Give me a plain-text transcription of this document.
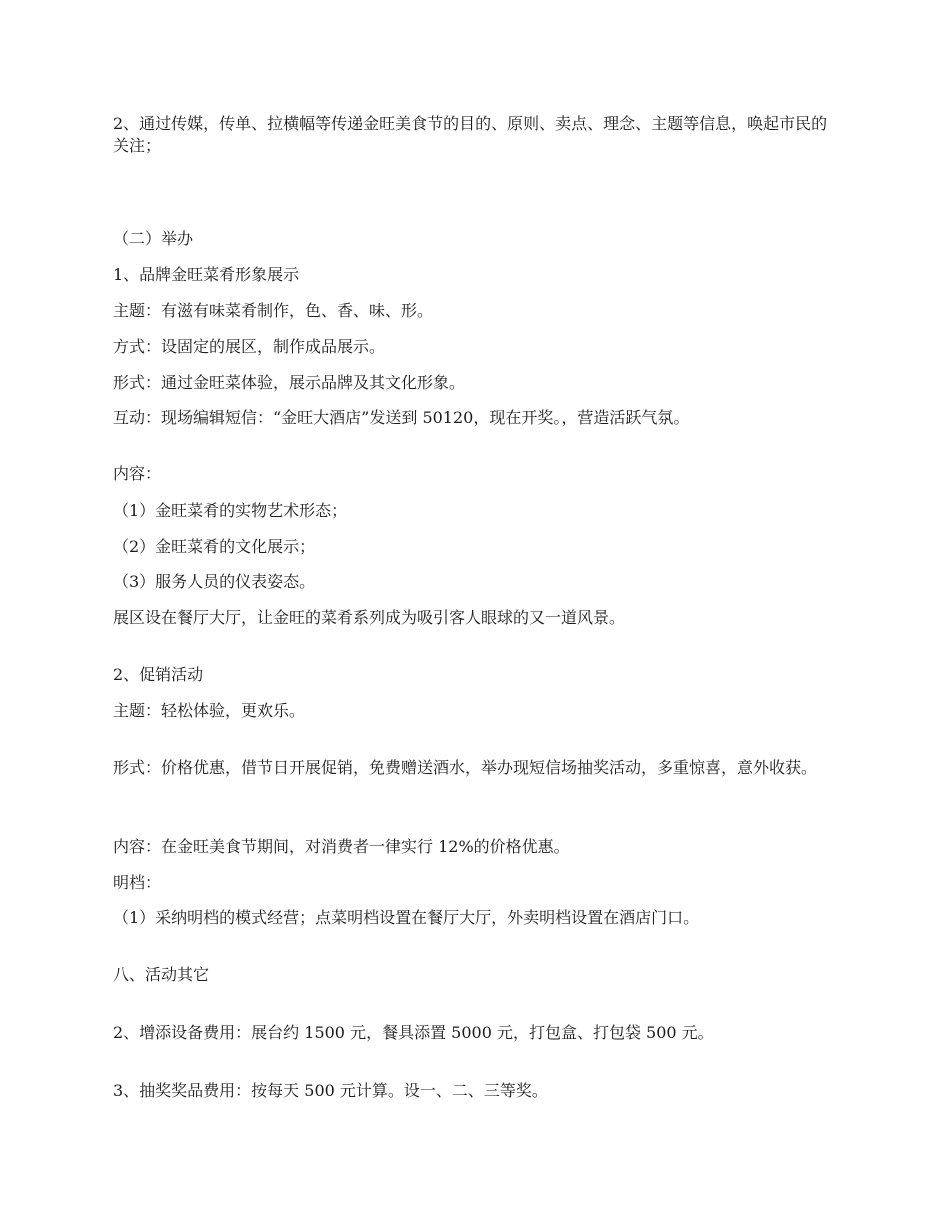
2、通过传媒，传单、拉横幅等传递金旺美食节的目的、原则、卖点、理念、主题等信息，唤起市民的关注；

（二）举办

1、品牌金旺菜肴形象展示

主题：有滋有味菜肴制作，色、香、味、形。

方式：设固定的展区，制作成品展示。

形式：通过金旺菜体验，展示品牌及其文化形象。

互动：现场编辑短信：“金旺大酒店”发送到 50120，现在开奖。，营造活跃气氛。

内容：

（1）金旺菜肴的实物艺术形态；

（2）金旺菜肴的文化展示；

（3）服务人员的仪表姿态。

展区设在餐厅大厅，让金旺的菜肴系列成为吸引客人眼球的又一道风景。

2、促销活动

主题：轻松体验，更欢乐。

形式：价格优惠，借节日开展促销，免费赠送酒水，举办现短信场抽奖活动，多重惊喜，意外收获。

内容：在金旺美食节期间，对消费者一律实行 12%的价格优惠。

明档：

（1）采纳明档的模式经营；点菜明档设置在餐厅大厅，外卖明档设置在酒店门口。

八、活动其它

2、增添设备费用：展台约 1500 元，餐具添置 5000 元，打包盒、打包袋 500 元。

3、抽奖奖品费用：按每天 500 元计算。设一、二、三等奖。
